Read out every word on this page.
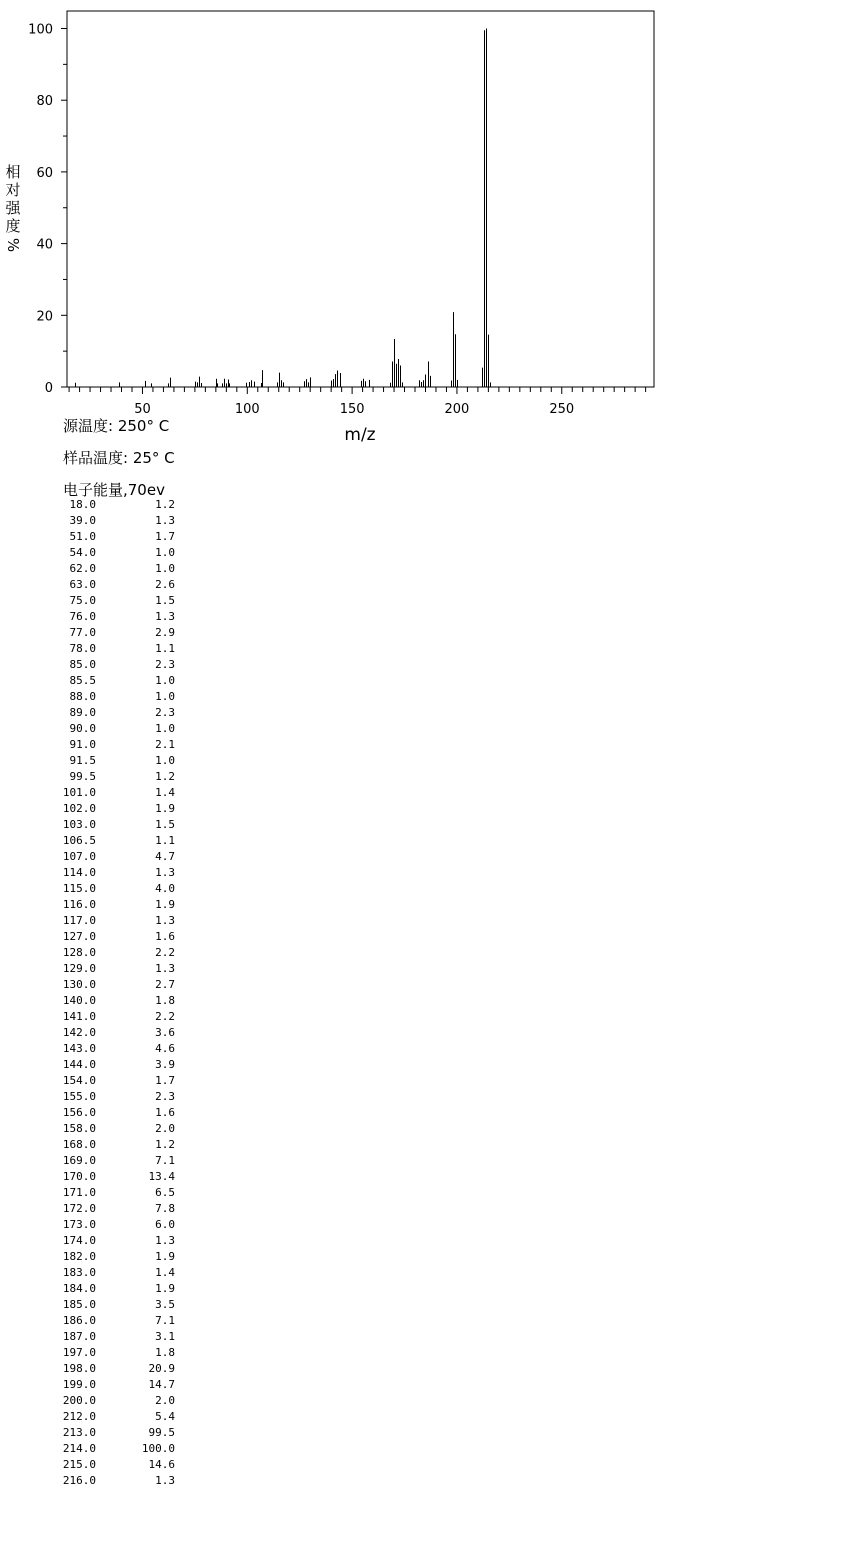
0
20
40
60
80
100
50	100	150	200	250
m/z
相
对
强
度
%
源温度: 250° C
样品温度: 25° C
电子能量,70ev
18.0	1.2
39.0	1.3
51.0	1.7
54.0	1.0
62.0	1.0
63.0	2.6
75.0	1.5
76.0	1.3
77.0	2.9
78.0	1.1
85.0	2.3
85.5	1.0
88.0	1.0
89.0	2.3
90.0	1.0
91.0	2.1
91.5	1.0
99.5	1.2
101.0	1.4
102.0	1.9
103.0	1.5
106.5	1.1
107.0	4.7
114.0	1.3
115.0	4.0
116.0	1.9
117.0	1.3
127.0	1.6
128.0	2.2
129.0	1.3
130.0	2.7
140.0	1.8
141.0	2.2
142.0	3.6
143.0	4.6
144.0	3.9
154.0	1.7
155.0	2.3
156.0	1.6
158.0	2.0
168.0	1.2
169.0	7.1
170.0	13.4
171.0	6.5
172.0	7.8
173.0	6.0
174.0	1.3
182.0	1.9
183.0	1.4
184.0	1.9
185.0	3.5
186.0	7.1
187.0	3.1
197.0	1.8
198.0	20.9
199.0	14.7
200.0	2.0
212.0	5.4
213.0	99.5
214.0	100.0
215.0	14.6
216.0	1.3
